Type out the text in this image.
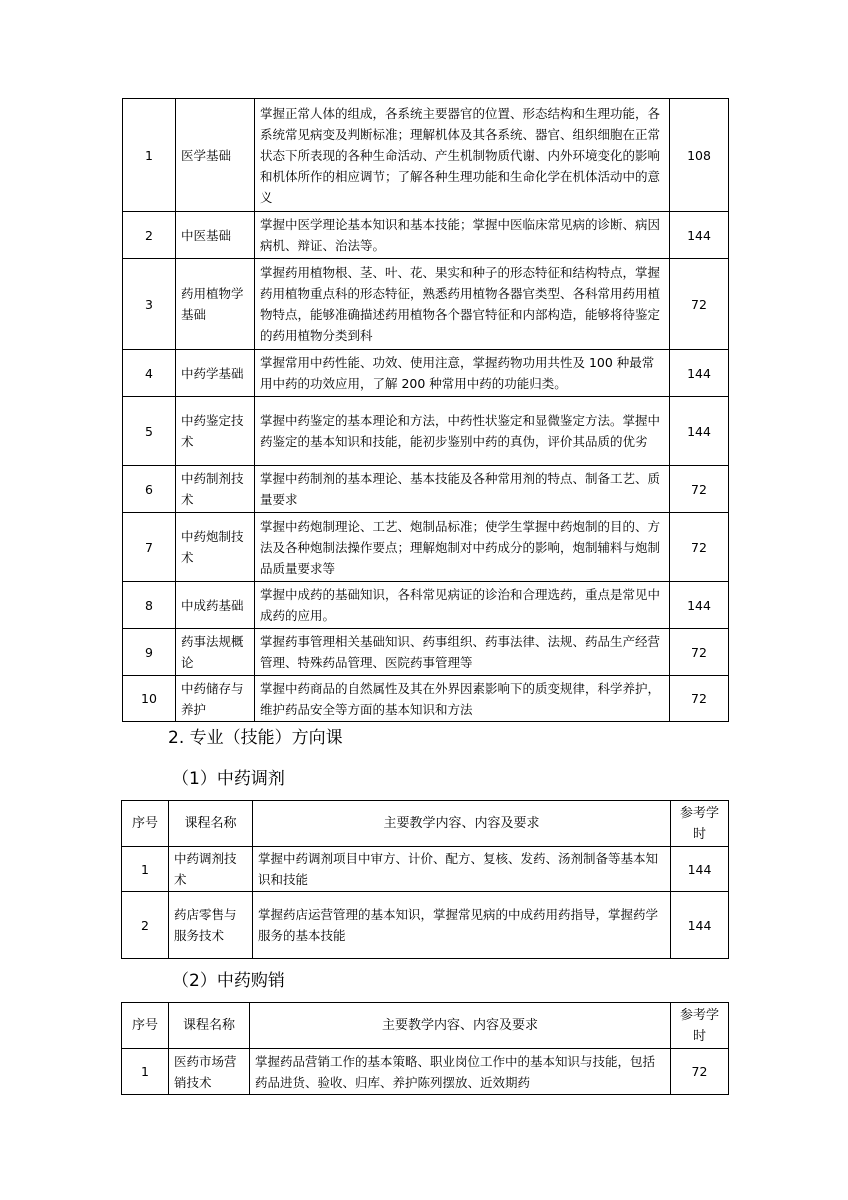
1	医学基础	掌握正常人体的组成，各系统主要器官的位置、形态结构和生理功能，各系统常见病变及判断标准；理解机体及其各系统、器官、组织细胞在正常状态下所表现的各种生命活动、产生机制物质代谢、内外环境变化的影响和机体所作的相应调节；了解各种生理功能和生命化学在机体活动中的意义	108
2	中医基础	掌握中医学理论基本知识和基本技能；掌握中医临床常见病的诊断、病因病机、辩证、治法等。	144
3	药用植物学基础	掌握药用植物根、茎、叶、花、果实和种子的形态特征和结构特点，掌握药用植物重点科的形态特征，熟悉药用植物各器官类型、各科常用药用植物特点，能够准确描述药用植物各个器官特征和内部构造，能够将待鉴定的药用植物分类到科	72
4	中药学基础	掌握常用中药性能、功效、使用注意，掌握药物功用共性及 100 种最常用中药的功效应用，了解 200 种常用中药的功能归类。	144
5	中药鉴定技术	掌握中药鉴定的基本理论和方法，中药性状鉴定和显微鉴定方法。掌握中药鉴定的基本知识和技能，能初步鉴别中药的真伪，评价其品质的优劣	144
6	中药制剂技术	掌握中药制剂的基本理论、基本技能及各种常用剂的特点、制备工艺、质量要求	72
7	中药炮制技术	掌握中药炮制理论、工艺、炮制品标准；使学生掌握中药炮制的目的、方法及各种炮制法操作要点；理解炮制对中药成分的影响，炮制辅料与炮制品质量要求等	72
8	中成药基础	掌握中成药的基础知识，各科常见病证的诊治和合理选药，重点是常见中成药的应用。	144
9	药事法规概论	掌握药事管理相关基础知识、药事组织、药事法律、法规、药品生产经营管理、特殊药品管理、医院药事管理等	72
10	中药储存与养护	掌握中药商品的自然属性及其在外界因素影响下的质变规律，科学养护，维护药品安全等方面的基本知识和方法	72
2. 专业（技能）方向课
（1）中药调剂
序号	课程名称	主要教学内容、内容及要求	参考学时
1	中药调剂技术	掌握中药调剂项目中审方、计价、配方、复核、发药、汤剂制备等基本知识和技能	144
2	药店零售与服务技术	掌握药店运营管理的基本知识，掌握常见病的中成药用药指导，掌握药学服务的基本技能	144
（2）中药购销
序号	课程名称	主要教学内容、内容及要求	参考学时
1	医药市场营销技术	掌握药品营销工作的基本策略、职业岗位工作中的基本知识与技能，包括药品进货、验收、归库、养护陈列摆放、近效期药	72
